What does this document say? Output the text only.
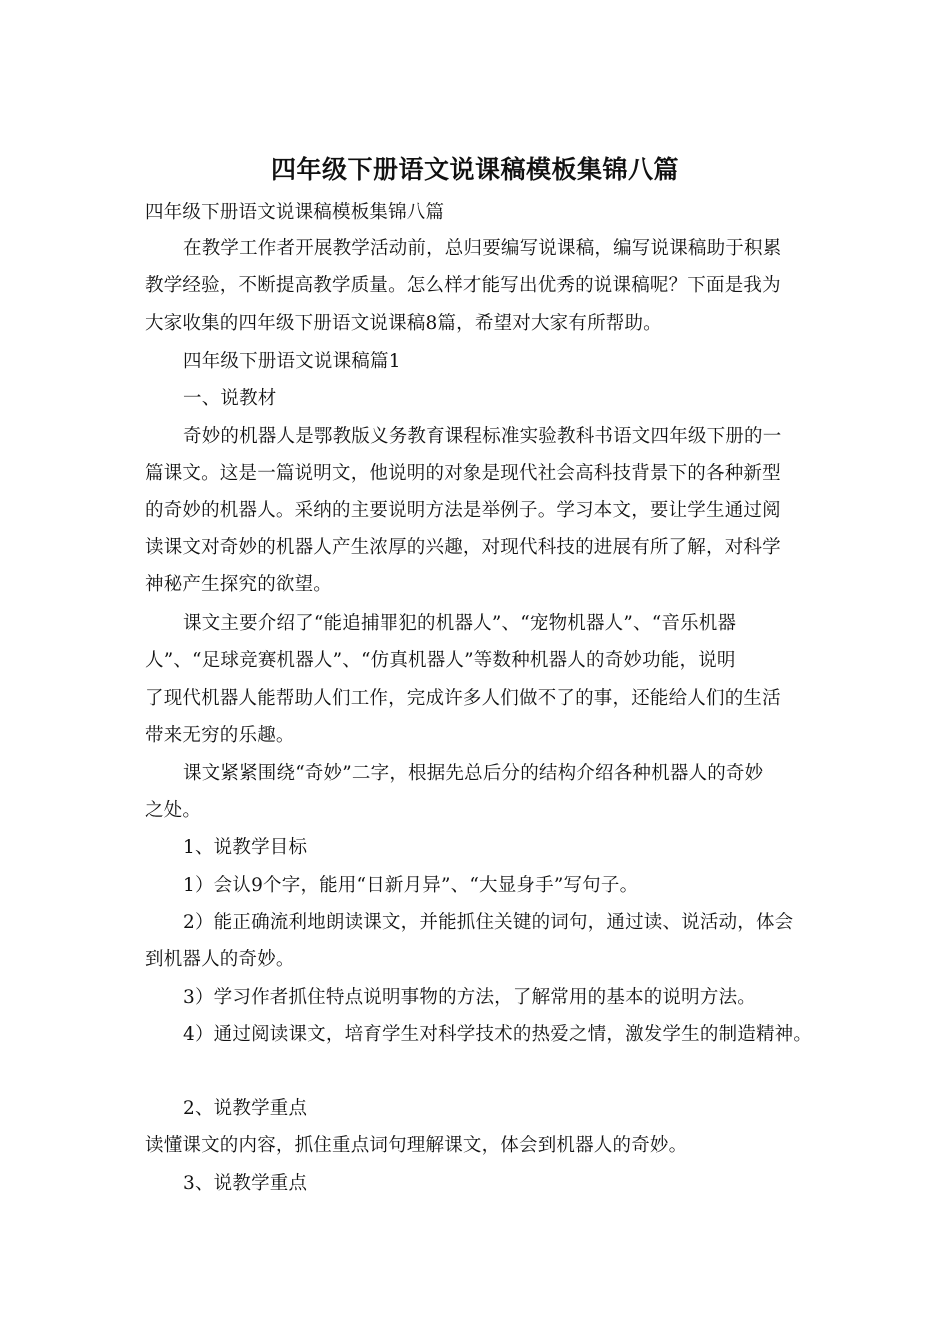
四年级下册语文说课稿模板集锦八篇
四年级下册语文说课稿模板集锦八篇
在教学工作者开展教学活动前，总归要编写说课稿，编写说课稿助于积累
教学经验，不断提高教学质量。怎么样才能写出优秀的说课稿呢？下面是我为
大家收集的四年级下册语文说课稿8篇，希望对大家有所帮助。
四年级下册语文说课稿篇1
一、说教材
奇妙的机器人是鄂教版义务教育课程标准实验教科书语文四年级下册的一
篇课文。这是一篇说明文，他说明的对象是现代社会高科技背景下的各种新型
的奇妙的机器人。采纳的主要说明方法是举例子。学习本文，要让学生通过阅
读课文对奇妙的机器人产生浓厚的兴趣，对现代科技的进展有所了解，对科学
神秘产生探究的欲望。
课文主要介绍了“能追捕罪犯的机器人”、“宠物机器人”、“音乐机器
人”、“足球竞赛机器人”、“仿真机器人”等数种机器人的奇妙功能，说明
了现代机器人能帮助人们工作，完成许多人们做不了的事，还能给人们的生活
带来无穷的乐趣。
课文紧紧围绕“奇妙”二字，根据先总后分的结构介绍各种机器人的奇妙
之处。
1、说教学目标
1）会认9个字，能用“日新月异”、“大显身手”写句子。
2）能正确流利地朗读课文，并能抓住关键的词句，通过读、说活动，体会
到机器人的奇妙。
3）学习作者抓住特点说明事物的方法，了解常用的基本的说明方法。
4）通过阅读课文，培育学生对科学技术的热爱之情，激发学生的制造精神。
2、说教学重点
读懂课文的内容，抓住重点词句理解课文，体会到机器人的奇妙。
3、说教学重点
